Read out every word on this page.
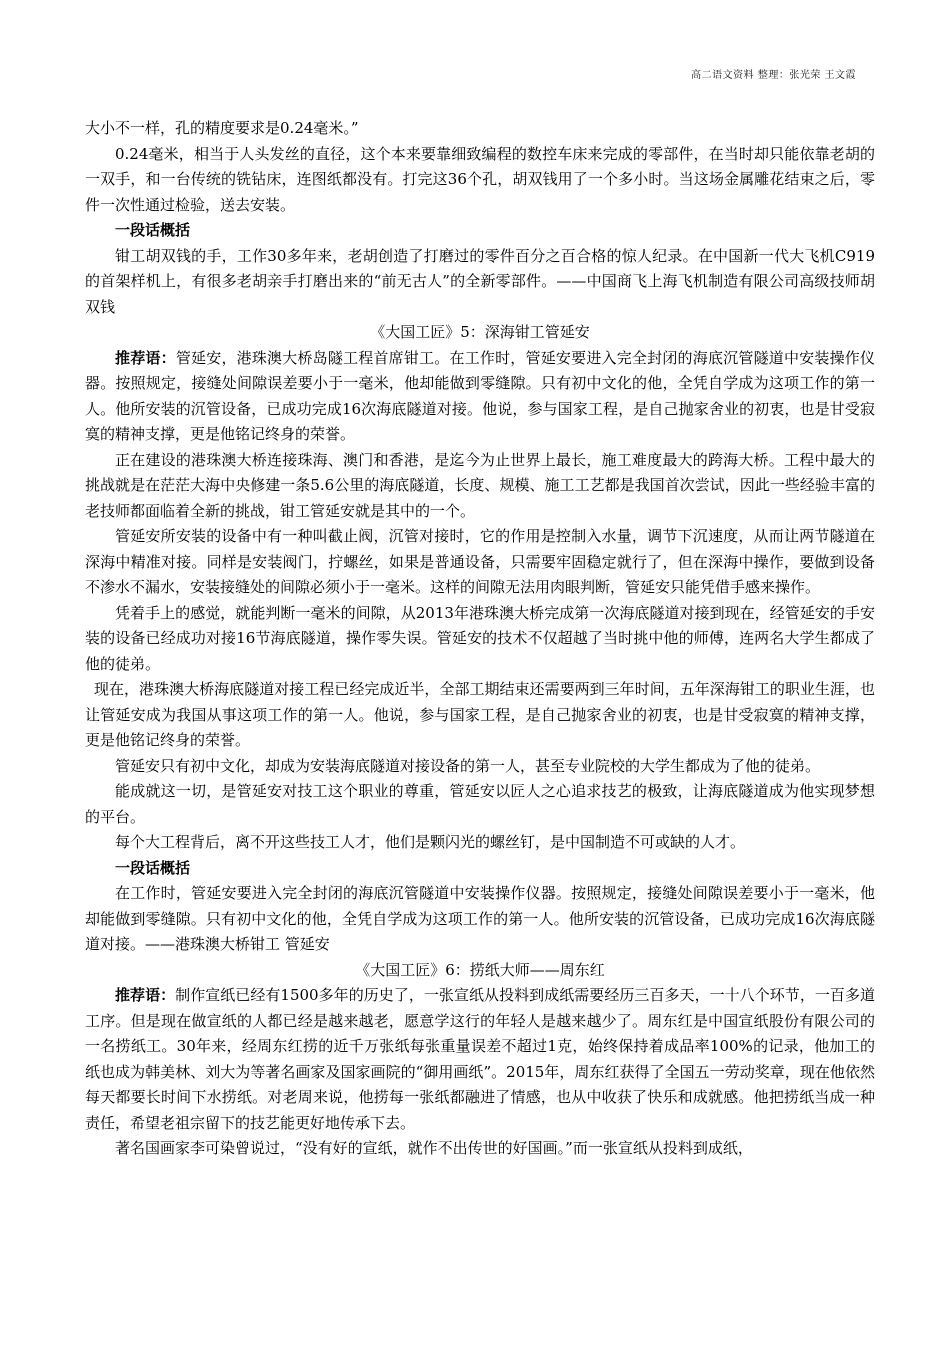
高二语文资料 整理：张光荣 王文霞

大小不一样，孔的精度要求是0.24毫米。”

0.24毫米，相当于人头发丝的直径，这个本来要靠细致编程的数控车床来完成的零部件，在当时却只能依靠老胡的一双手，和一台传统的铣钻床，连图纸都没有。打完这36个孔，胡双钱用了一个多小时。当这场金属雕花结束之后，零件一次性通过检验，送去安装。

一段话概括

钳工胡双钱的手，工作30多年来，老胡创造了打磨过的零件百分之百合格的惊人纪录。在中国新一代大飞机C919的首架样机上，有很多老胡亲手打磨出来的“前无古人”的全新零部件。——中国商飞上海飞机制造有限公司高级技师胡双钱

《大国工匠》5：深海钳工管延安

推荐语：管延安，港珠澳大桥岛隧工程首席钳工。在工作时，管延安要进入完全封闭的海底沉管隧道中安装操作仪器。按照规定，接缝处间隙误差要小于一毫米，他却能做到零缝隙。只有初中文化的他，全凭自学成为这项工作的第一人。他所安装的沉管设备，已成功完成16次海底隧道对接。他说，参与国家工程，是自己抛家舍业的初衷，也是甘受寂寞的精神支撑，更是他铭记终身的荣誉。

正在建设的港珠澳大桥连接珠海、澳门和香港，是迄今为止世界上最长，施工难度最大的跨海大桥。工程中最大的挑战就是在茫茫大海中央修建一条5.6公里的海底隧道，长度、规模、施工工艺都是我国首次尝试，因此一些经验丰富的老技师都面临着全新的挑战，钳工管延安就是其中的一个。

管延安所安装的设备中有一种叫截止阀，沉管对接时，它的作用是控制入水量，调节下沉速度，从而让两节隧道在深海中精准对接。同样是安装阀门，拧螺丝，如果是普通设备，只需要牢固稳定就行了，但在深海中操作，要做到设备不渗水不漏水，安装接缝处的间隙必须小于一毫米。这样的间隙无法用肉眼判断，管延安只能凭借手感来操作。

凭着手上的感觉，就能判断一毫米的间隙，从2013年港珠澳大桥完成第一次海底隧道对接到现在，经管延安的手安装的设备已经成功对接16节海底隧道，操作零失误。管延安的技术不仅超越了当时挑中他的师傅，连两名大学生都成了他的徒弟。

现在，港珠澳大桥海底隧道对接工程已经完成近半，全部工期结束还需要两到三年时间，五年深海钳工的职业生涯，也让管延安成为我国从事这项工作的第一人。他说，参与国家工程，是自己抛家舍业的初衷，也是甘受寂寞的精神支撑，更是他铭记终身的荣誉。

管延安只有初中文化，却成为安装海底隧道对接设备的第一人，甚至专业院校的大学生都成为了他的徒弟。

能成就这一切，是管延安对技工这个职业的尊重，管延安以匠人之心追求技艺的极致，让海底隧道成为他实现梦想的平台。

每个大工程背后，离不开这些技工人才，他们是颗闪光的螺丝钉，是中国制造不可或缺的人才。

一段话概括

在工作时，管延安要进入完全封闭的海底沉管隧道中安装操作仪器。按照规定，接缝处间隙误差要小于一毫米，他却能做到零缝隙。只有初中文化的他，全凭自学成为这项工作的第一人。他所安装的沉管设备，已成功完成16次海底隧道对接。——港珠澳大桥钳工 管延安

《大国工匠》6：捞纸大师——周东红

推荐语：制作宣纸已经有1500多年的历史了，一张宣纸从投料到成纸需要经历三百多天，一十八个环节，一百多道工序。但是现在做宣纸的人都已经是越来越老，愿意学这行的年轻人是越来越少了。周东红是中国宣纸股份有限公司的一名捞纸工。30年来，经周东红捞的近千万张纸每张重量误差不超过1克，始终保持着成品率100%的记录，他加工的纸也成为韩美林、刘大为等著名画家及国家画院的“御用画纸”。2015年，周东红获得了全国五一劳动奖章，现在他依然每天都要长时间下水捞纸。对老周来说，他捞每一张纸都融进了情感，也从中收获了快乐和成就感。他把捞纸当成一种责任，希望老祖宗留下的技艺能更好地传承下去。

著名国画家李可染曾说过，“没有好的宣纸，就作不出传世的好国画。”而一张宣纸从投料到成纸，
